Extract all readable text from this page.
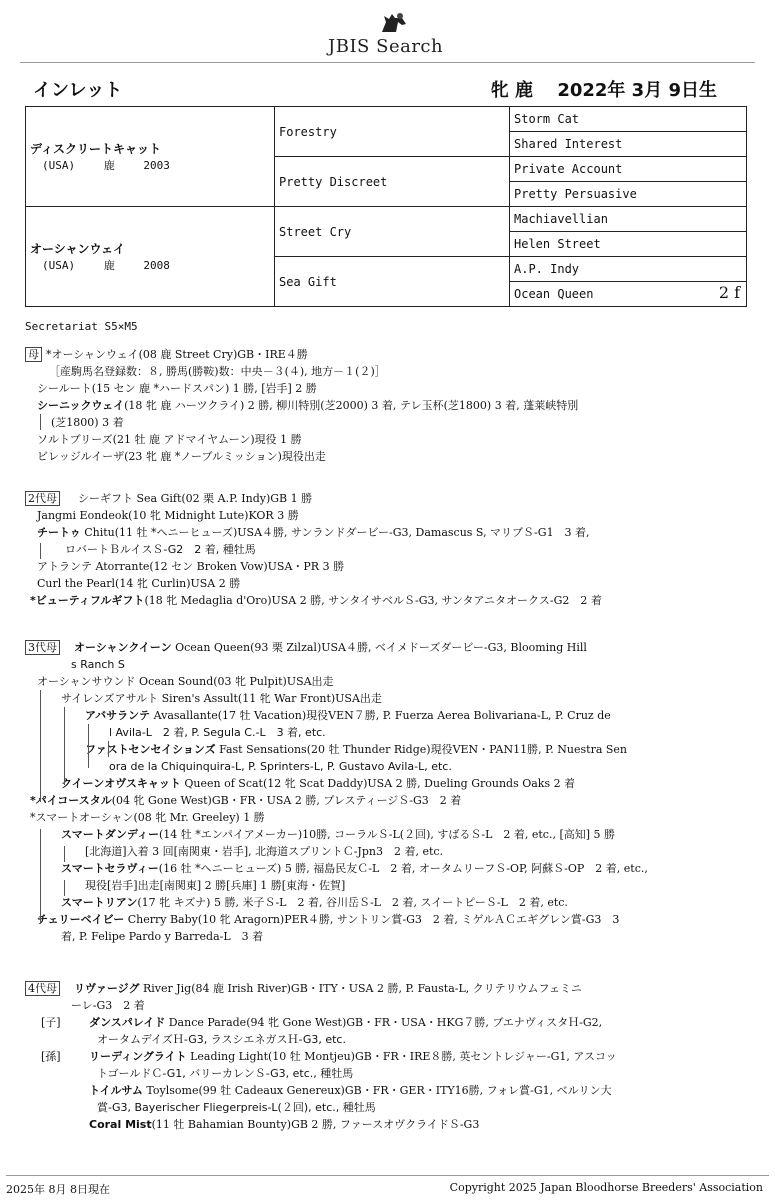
JBIS Search
インレット	牝 鹿　 2022年 3月 9日生
ディスクリートキャット
(USA) 鹿 2003	Forestry	Storm Cat
		Shared Interest
	Pretty Discreet	Private Account
		Pretty Persuasive

オーシャンウェイ
(USA) 鹿 2008	Street Cry	Machiavellian
		Helen Street
	Sea Gift	A.P. Indy
		Ocean Queen 2 f
Secretariat S5×M5
母 *オーシャンウェイ(08 鹿 Street Cry)GB・IRE４勝
［産駒馬名登録数：８, 勝馬(勝鞍)数：中央－３(４), 地方－１(２)］
シールート(15 セン 鹿 *ハードスパン) 1 勝, [岩手] 2 勝
シーニックウェイ(18 牝 鹿 ハーツクライ) 2 勝, 柳川特別(芝2000) 3 着, テレ玉杯(芝1800) 3 着, 蓬莱峡特別
(芝1800) 3 着
ソルトブリーズ(21 牡 鹿 アドマイヤムーン)現役 1 勝
ビレッジルイーザ(23 牝 鹿 *ノーブルミッション)現役出走
2代母 シーギフト Sea Gift(02 栗 A.P. Indy)GB 1 勝
Jangmi Eondeok(10 牝 Midnight Lute)KOR 3 勝
チートゥ Chitu(11 牡 *ヘニーヒューズ)USA４勝, サンランドダービー-G3, Damascus S, マリブＳ-G1　3 着,
ロバートＢルイスＳ-G2　2 着, 種牡馬
アトランテ Atorrante(12 セン Broken Vow)USA・PR 3 勝
Curl the Pearl(14 牝 Curlin)USA 2 勝
*ビューティフルギフト(18 牝 Medaglia d'Oro)USA 2 勝, サンタイサベルＳ-G3, サンタアニタオークス-G2　2 着
3代母 オーシャンクイーン Ocean Queen(93 栗 Zilzal)USA４勝, ベイメドーズダービー-G3, Blooming Hill
s Ranch S
オーシャンサウンド Ocean Sound(03 牝 Pulpit)USA出走
サイレンズアサルト Siren's Assult(11 牝 War Front)USA出走
アバサランテ Avasallante(17 牡 Vacation)現役VEN７勝, P. Fuerza Aerea Bolivariana-L, P. Cruz de
l Avila-L　2 着, P. Segula C.-L　3 着, etc.
ファストセンセイションズ Fast Sensations(20 牡 Thunder Ridge)現役VEN・PAN11勝, P. Nuestra Sen
ora de la Chiquinquira-L, P. Sprinters-L, P. Gustavo Avila-L, etc.
クイーンオヴスキャット Queen of Scat(12 牝 Scat Daddy)USA 2 勝, Dueling Grounds Oaks 2 着
*パイコースタル(04 牝 Gone West)GB・FR・USA 2 勝, プレスティージＳ-G3　2 着
*スマートオーシャン(08 牝 Mr. Greeley) 1 勝
スマートダンディー(14 牡 *エンパイアメーカー)10勝, コーラルＳ-L(２回), すばるＳ-L　2 着, etc., [高知] 5 勝
[北海道]入着 3 回[南関東・岩手], 北海道スプリントＣ-Jpn3　2 着, etc.
スマートセラヴィー(16 牡 *ヘニーヒューズ) 5 勝, 福島民友Ｃ-L　2 着, オータムリーフＳ-OP, 阿蘇Ｓ-OP　2 着, etc.,
現役[岩手]出走[南関東] 2 勝[兵庫] 1 勝[東海・佐賀]
スマートリアン(17 牝 キズナ) 5 勝, 米子Ｓ-L　2 着, 谷川岳Ｓ-L　2 着, スイートピーＳ-L　2 着, etc.
チェリーベイビー Cherry Baby(10 牝 Aragorn)PER４勝, サントリン賞-G3　2 着, ミゲルＡＣエギグレン賞-G3　3
着, P. Felipe Pardo y Barreda-L　3 着
4代母 リヴァージグ River Jig(84 鹿 Irish River)GB・ITY・USA 2 勝, P. Fausta-L, クリテリウムフェミニ
ーレ-G3　2 着
[子]	ダンスパレイド Dance Parade(94 牝 Gone West)GB・FR・USA・HKG７勝, ブエナヴィスタＨ-G2,
オータムデイズＨ-G3, ラスシエネガスＨ-G3, etc.
[孫]	リーディングライト Leading Light(10 牡 Montjeu)GB・FR・IRE８勝, 英セントレジャー-G1, アスコッ
トゴールドＣ-G1, バリーカレンＳ-G3, etc., 種牡馬
トイルサム Toylsome(99 牡 Cadeaux Genereux)GB・FR・GER・ITY16勝, フォレ賞-G1, ベルリン大
賞-G3, Bayerischer Fliegerpreis-L(２回), etc., 種牡馬
Coral Mist(11 牡 Bahamian Bounty)GB 2 勝, ファースオヴクライドＳ-G3
2025年 8月 8日現在	Copyright 2025 Japan Bloodhorse Breeders' Association
